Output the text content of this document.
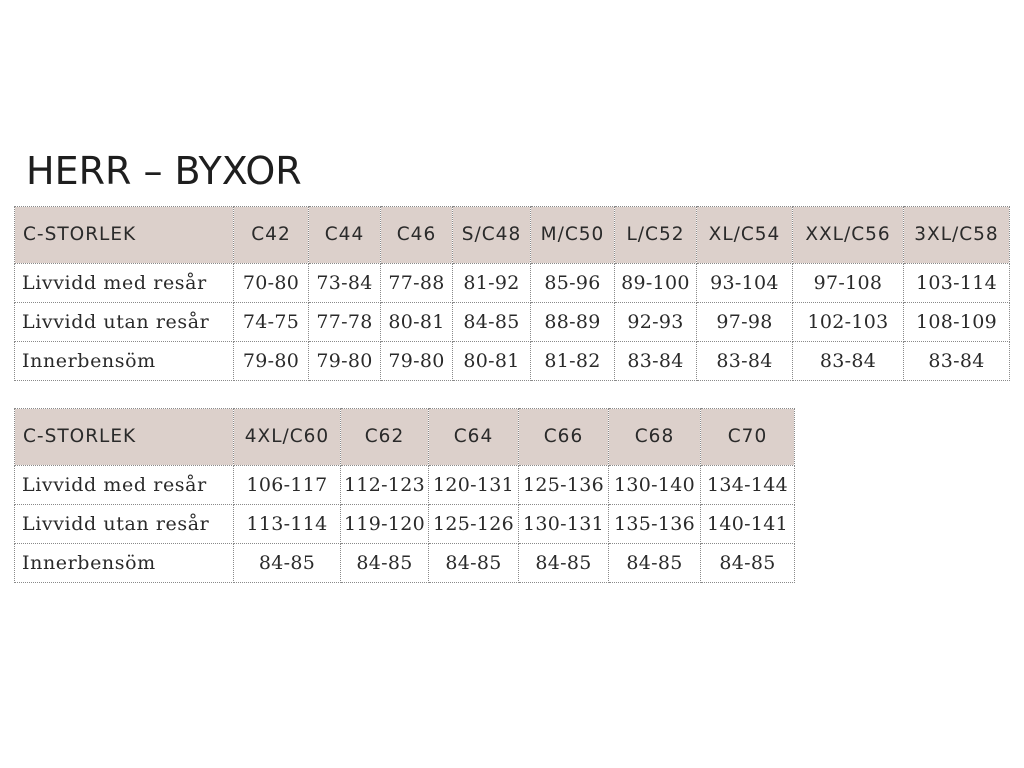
HERR – BYXOR
C-STORLEK	C42	C44	C46	S/C48	M/C50	L/C52	XL/C54	XXL/C56	3XL/C58
Livvidd med resår	70-80	73-84	77-88	81-92	85-96	89-100	93-104	97-108	103-114
Livvidd utan resår	74-75	77-78	80-81	84-85	88-89	92-93	97-98	102-103	108-109
Innerbensöm	79-80	79-80	79-80	80-81	81-82	83-84	83-84	83-84	83-84
C-STORLEK	4XL/C60	C62	C64	C66	C68	C70
Livvidd med resår	106-117	112-123	120-131	125-136	130-140	134-144
Livvidd utan resår	113-114	119-120	125-126	130-131	135-136	140-141
Innerbensöm	84-85	84-85	84-85	84-85	84-85	84-85
